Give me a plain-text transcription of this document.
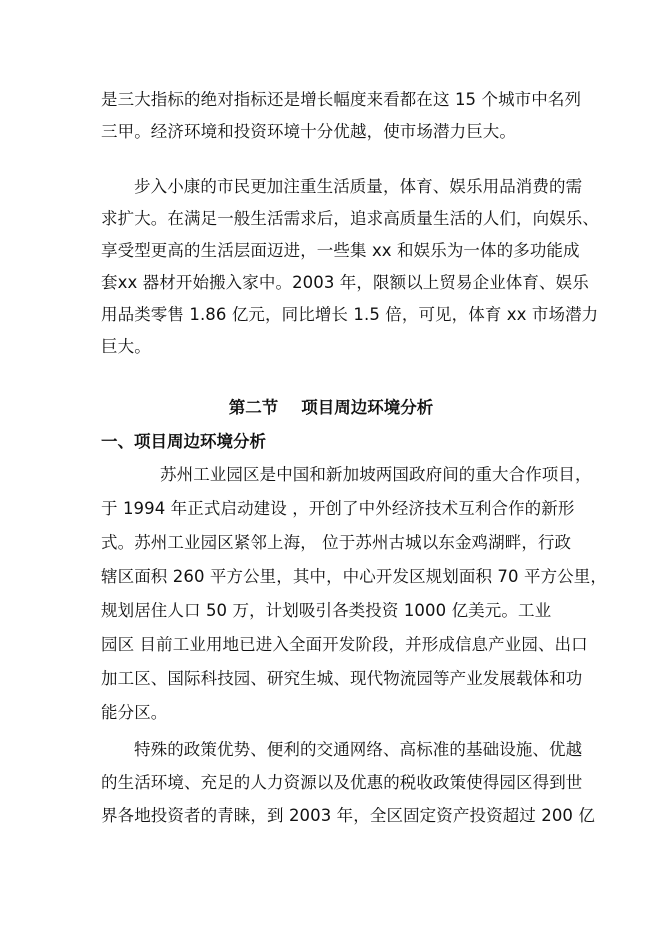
是三大指标的绝对指标还是增长幅度来看都在这 15 个城市中名列
三甲。经济环境和投资环境十分优越，使市场潜力巨大。
步入小康的市民更加注重生活质量，体育、娱乐用品消费的需
求扩大。在满足一般生活需求后，追求高质量生活的人们，向娱乐、
享受型更高的生活层面迈进，一些集 xx 和娱乐为一体的多功能成
套xx 器材开始搬入家中。2003 年，限额以上贸易企业体育、娱乐
用品类零售 1.86 亿元，同比增长 1.5 倍，可见，体育 xx 市场潜力
巨大。
第二节    项目周边环境分析
一、项目周边环境分析
苏州工业园区是中国和新加坡两国政府间的重大合作项目，
于 1994 年正式启动建设 ，开创了中外经济技术互利合作的新形
式。苏州工业园区紧邻上海， 位于苏州古城以东金鸡湖畔，行政
辖区面积 260 平方公里，其中，中心开发区规划面积 70 平方公里，
规划居住人口 50 万，计划吸引各类投资 1000 亿美元。工业
园区 目前工业用地已进入全面开发阶段，并形成信息产业园、出口
加工区、国际科技园、研究生城、现代物流园等产业发展载体和功
能分区。
特殊的政策优势、便利的交通网络、高标准的基础设施、优越
的生活环境、充足的人力资源以及优惠的税收政策使得园区得到世
界各地投资者的青睐，到 2003 年，全区固定资产投资超过 200 亿
